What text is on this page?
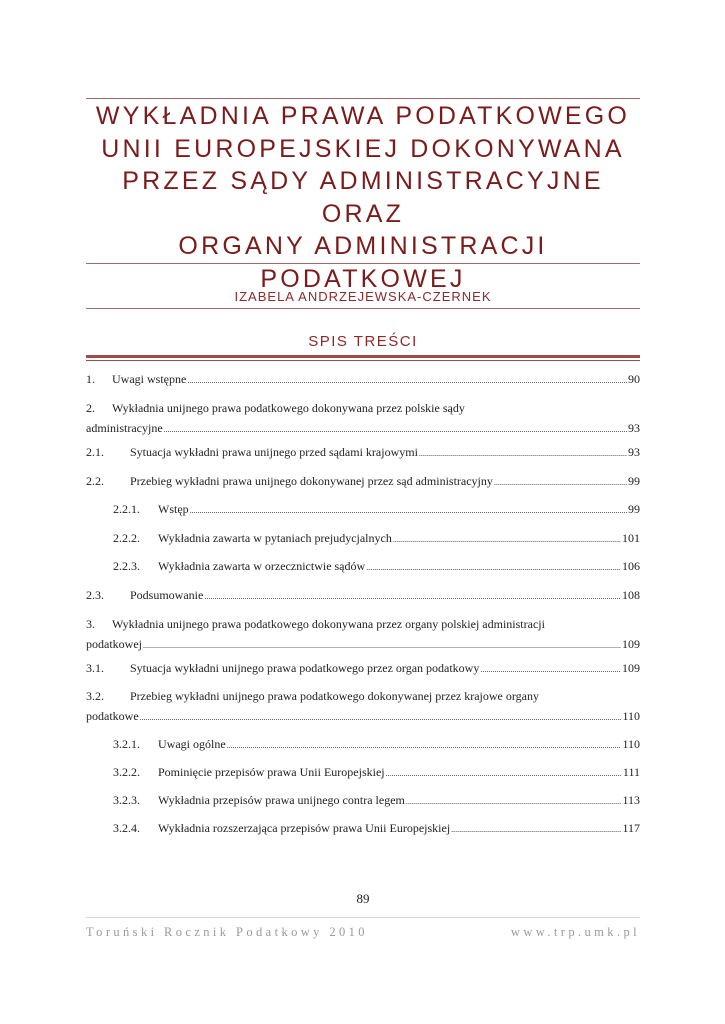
WYKŁADNIA PRAWA PODATKOWEGO
UNII EUROPEJSKIEJ DOKONYWANA
PRZEZ SĄDY ADMINISTRACYJNE ORAZ
ORGANY ADMINISTRACJI
PODATKOWEJ
IZABELA ANDRZEJEWSKA-CZERNEK
SPIS TREŚCI
1.	Uwagi wstępne .....	90
2. Wykładnia unijnego prawa podatkowego dokonywana przez polskie sądy
administracyjne .....	93
2.1.	Sytuacja wykładni prawa unijnego przed sądami krajowymi .....	93
2.2.	Przebieg wykładni prawa unijnego dokonywanej przez sąd administracyjny .....	99
2.2.1.	Wstęp .....	99
2.2.2.	Wykładnia zawarta w pytaniach prejudycjalnych .....	101
2.2.3.	Wykładnia zawarta w orzecznictwie sądów .....	106
2.3.	Podsumowanie .....	108
3. Wykładnia unijnego prawa podatkowego dokonywana przez organy polskiej administracji
podatkowej .....	109
3.1.	Sytuacja wykładni unijnego prawa podatkowego przez organ podatkowy .....	109
3.2. Przebieg wykładni unijnego prawa podatkowego dokonywanej przez krajowe organy
podatkowe .....	110
3.2.1.	Uwagi ogólne .....	110
3.2.2.	Pominięcie przepisów prawa Unii Europejskiej .....	111
3.2.3.	Wykładnia przepisów prawa unijnego contra legem .....	113
3.2.4.	Wykładnia rozszerzająca przepisów prawa Unii Europejskiej .....	117
89
Toruński Rocznik Podatkowy 2010	www.trp.umk.pl
